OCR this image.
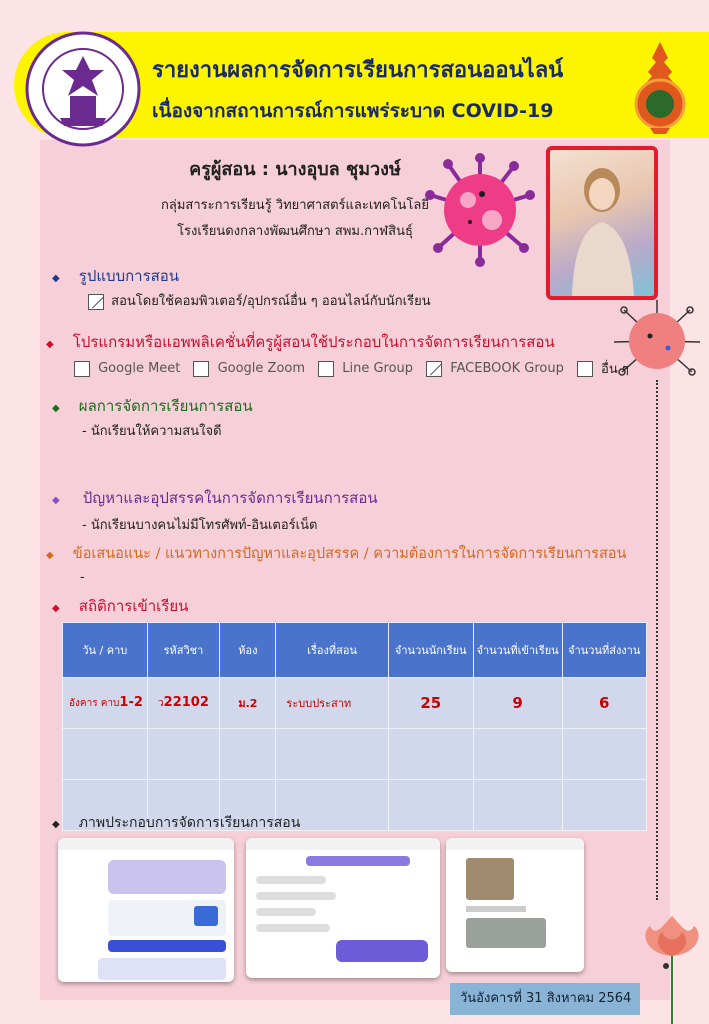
รายงานผลการจัดการเรียนการสอนออนไลน์
เนื่องจากสถานการณ์การแพร่ระบาด COVID-19
ครูผู้สอน : นางอุบล ชุมวงษ์
กลุ่มสาระการเรียนรู้ วิทยาศาสตร์และเทคโนโลยี
โรงเรียนดงกลางพัฒนศึกษา สพม.กาฬสินธุ์
◆ รูปแบบการสอน
สอนโดยใช้คอมพิวเตอร์/อุปกรณ์อื่น ๆ ออนไลน์กับนักเรียน
◆ โปรแกรมหรือแอพพลิเคชั่นที่ครูผู้สอนใช้ประกอบในการจัดการเรียนการสอน
Google Meet	Google Zoom	Line Group	FACEBOOK Group	อื่น ๆ
◆ ผลการจัดการเรียนการสอน
- นักเรียนให้ความสนใจดี
◆ ปัญหาและอุปสรรคในการจัดการเรียนการสอน
- นักเรียนบางคนไม่มีโทรศัพท์-อินเตอร์เน็ต
◆ ข้อเสนอแนะ / แนวทางการปัญหาและอุปสรรค / ความต้องการในการจัดการเรียนการสอน
-
◆ สถิติการเข้าเรียน
วัน / คาบ	รหัสวิชา	ห้อง	เรื่องที่สอน	จำนวนนักเรียน	จำนวนที่เข้าเรียน	จำนวนที่ส่งงาน
อังคาร คาบ1-2	ว22102	ม.2	ระบบประสาท	25	9	6

◆ ภาพประกอบการจัดการเรียนการสอน
วันอังคารที่ 31 สิงหาคม 2564
